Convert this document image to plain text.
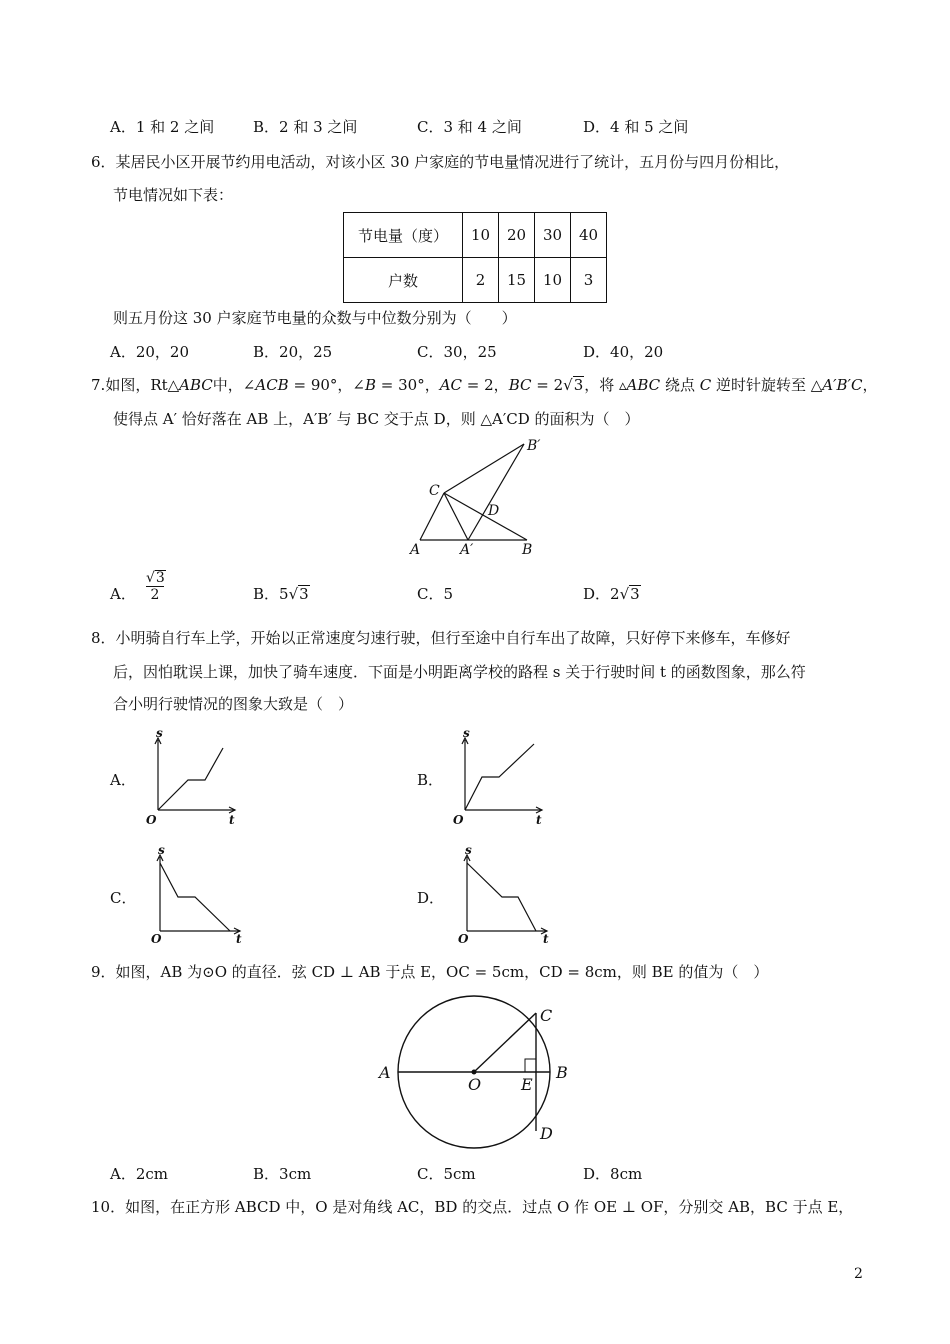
A．1 和 2 之间	B．2 和 3 之间	C．3 和 4 之间	D．4 和 5 之间
6．某居民小区开展节约用电活动，对该小区 30 户家庭的节电量情况进行了统计，五月份与四月份相比，
节电情况如下表：
节电量（度）	10	20	30	40
户数	2	15	10	3
则五月份这 30 户家庭节电量的众数与中位数分别为（　　）
A．20，20	B．20，25	C．30，25	D．40，20
7.如图，Rt△ABC中，∠ACB = 90°，∠B = 30°，AC = 2，BC = 2√3，将 ▵ABC 绕点 C 逆时针旋转至 △A′B′C，
使得点 A′ 恰好落在 AB 上，A′B′ 与 BC 交于点 D，则 △A′CD 的面积为（　）
A	A′	B
B′
C
D
A．
√3
2	B．5√3	C．5	D．2√3
8．小明骑自行车上学，开始以正常速度匀速行驶，但行至途中自行车出了故障，只好停下来修车，车修好
后，因怕耽误上课，加快了骑车速度．下面是小明距离学校的路程 s 关于行驶时间 t 的函数图象，那么符
合小明行驶情况的图象大致是（　）
A．
s
t
O
B．
s
t
O
C．
s
t
O
D．
s
t
O
9．如图，AB 为⊙O 的直径．弦 CD ⊥ AB 于点 E，OC = 5cm，CD = 8cm，则 BE 的值为（　）
A
O E
B
C
D
A．2cm	B．3cm	C．5cm	D．8cm
10．如图，在正方形 ABCD 中，O 是对角线 AC，BD 的交点．过点 O 作 OE ⊥ OF，分别交 AB，BC 于点 E，
2
